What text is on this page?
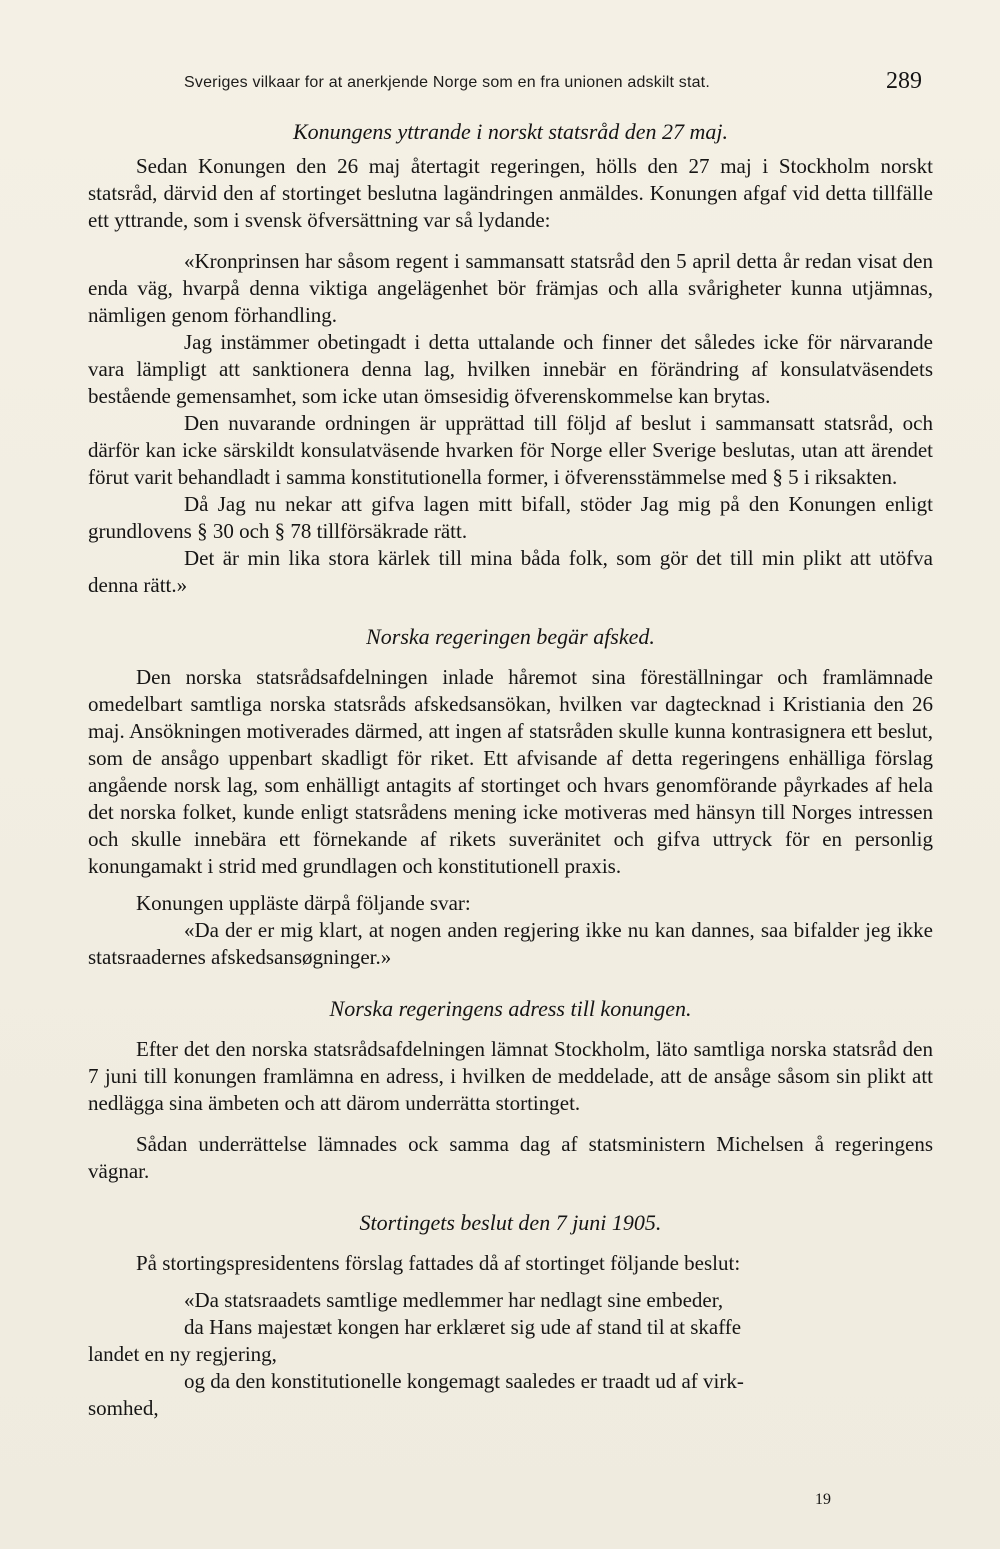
Sveriges vilkaar for at anerkjende Norge som en fra unionen adskilt stat.	289
Konungens yttrande i norskt statsråd den 27 maj.

Sedan Konungen den 26 maj återtagit regeringen, hölls den 27 maj i Stockholm norskt statsråd, därvid den af stortinget beslutna lagändringen anmäldes. Konungen afgaf vid detta tillfälle ett yttrande, som i svensk öfversättning var så lydande:

«Kronprinsen har såsom regent i sammansatt statsråd den 5 april detta år redan visat den enda väg, hvarpå denna viktiga angelägenhet bör främjas och alla svårigheter kunna utjämnas, nämligen genom förhandling.

Jag instämmer obetingadt i detta uttalande och finner det således icke för närvarande vara lämpligt att sanktionera denna lag, hvilken innebär en förändring af konsulatväsendets bestående gemensamhet, som icke utan ömsesidig öfverenskommelse kan brytas.

Den nuvarande ordningen är upprättad till följd af beslut i sammansatt statsråd, och därför kan icke särskildt konsulatväsende hvarken för Norge eller Sverige beslutas, utan att ärendet förut varit behandladt i samma konstitutionella former, i öfverensstämmelse med § 5 i riksakten.

Då Jag nu nekar att gifva lagen mitt bifall, stöder Jag mig på den Konungen enligt grundlovens § 30 och § 78 tillförsäkrade rätt.

Det är min lika stora kärlek till mina båda folk, som gör det till min plikt att utöfva denna rätt.»

Norska regeringen begär afsked.

Den norska statsrådsafdelningen inlade håremot sina föreställningar och framlämnade omedelbart samtliga norska statsråds afskedsansökan, hvilken var dagtecknad i Kristiania den 26 maj. Ansökningen motiverades därmed, att ingen af statsråden skulle kunna kontrasignera ett beslut, som de ansågo uppenbart skadligt för riket. Ett afvisande af detta regeringens enhälliga förslag angående norsk lag, som enhälligt antagits af stortinget och hvars genomförande påyrkades af hela det norska folket, kunde enligt statsrådens mening icke motiveras med hänsyn till Norges intressen och skulle innebära ett förnekande af rikets suveränitet och gifva uttryck för en personlig konungamakt i strid med grundlagen och konstitutionell praxis.

Konungen uppläste därpå följande svar:

«Da der er mig klart, at nogen anden regjering ikke nu kan dannes, saa bifalder jeg ikke statsraadernes afskedsansøgninger.»

Norska regeringens adress till konungen.

Efter det den norska statsrådsafdelningen lämnat Stockholm, läto samtliga norska statsråd den 7 juni till konungen framlämna en adress, i hvilken de meddelade, att de ansåge såsom sin plikt att nedlägga sina ämbeten och att därom underrätta stortinget.

Sådan underrättelse lämnades ock samma dag af statsministern Michelsen å regeringens vägnar.

Stortingets beslut den 7 juni 1905.

På stortingspresidentens förslag fattades då af stortinget följande beslut:

«Da statsraadets samtlige medlemmer har nedlagt sine embeder,

da Hans majestæt kongen har erklæret sig ude af stand til at skaffe

landet en ny regjering,

og da den konstitutionelle kongemagt saaledes er traadt ud af virk-

somhed,

19
